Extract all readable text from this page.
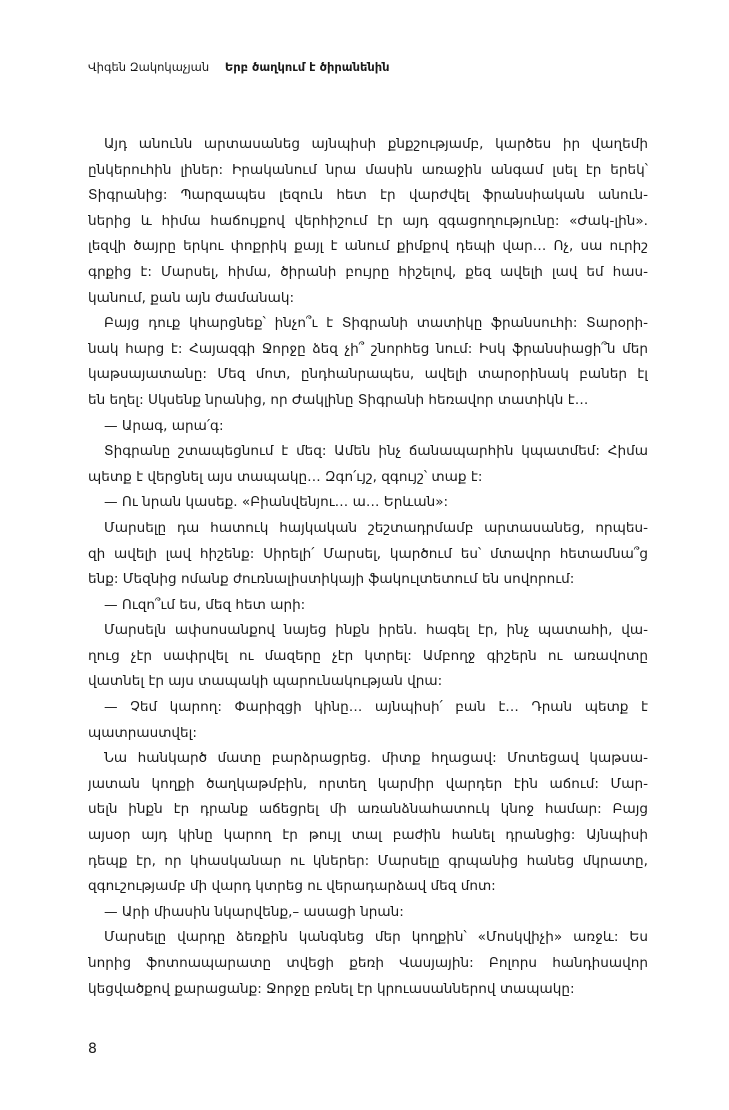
Վիգեն Զակոկաչյան Երբ ծաղկում է ծիրանենին
Այդ անունն արտասանեց այնպիսի քնքշությամբ, կարծես իր վաղեմի
ընկերուհին լիներ: Իրականում նրա մասին առաջին անգամ լսել էր երեկ՝
Տիգրանից: Պարզապես լեզուն հետ էր վարժվել ֆրանսիական անուն-
ներից և հիմա հաճույքով վերհիշում էր այդ զգացողությունը: «Ժակ-լին».
լեզվի ծայրը երկու փոքրիկ քայլ է անում քիմքով դեպի վար… Ոչ, սա ուրիշ
գրքից է: Մարսել, հիմա, ծիրանի բույրը հիշելով, քեզ ավելի լավ եմ հաս-
կանում, քան այն ժամանակ:
Բայց դուք կհարցնեք՝ ինչո՞ւ է Տիգրանի տատիկը ֆրանսուհի: Տարօրի-
նակ հարց է: Հայազգի Ջորջը ձեզ չի՞ շնորհեց նում: Իսկ ֆրանսիացի՞ն մեր
կաթսայատանը: Մեզ մոտ, ընդհանրապես, ավելի տարօրինակ բաներ էլ
են եղել: Սկսենք նրանից, որ Ժակլինը Տիգրանի հեռավոր տատիկն է…
— Արագ, արա՛գ:
Տիգրանը շտապեցնում է մեզ: Ամեն ինչ ճանապարհին կպատմեմ: Հիմա
պետք է վերցնել այս տապակը… Զգո՛ւյշ, զգույշ՝ տաք է:
— Ու նրան կասեք. «Բիանվենյու… ա… Երևան»:
Մարսելը դա հատուկ հայկական շեշտադրմամբ արտասանեց, որպես-
զի ավելի լավ հիշենք: Սիրելի՛ Մարսել, կարծում ես՝ մտավոր հետամնա՞ց
ենք: Մեզնից ոմանք ժուռնալիստիկայի ֆակուլտետում են սովորում:
— Ուզո՞ւմ ես, մեզ հետ արի:
Մարսելն ափսոսանքով նայեց ինքն իրեն. հագել էր, ինչ պատահի, վա-
ղուց չէր սափրվել ու մազերը չէր կտրել: Ամբողջ գիշերն ու առավոտը
վատնել էր այս տապակի պարունակության վրա:
— Չեմ կարող: Փարիզցի կինը… այնպիսի՛ բան է… Դրան պետք է
պատրաստվել:
Նա հանկարծ մատը բարձրացրեց. միտք հղացավ: Մոտեցավ կաթսա-
յատան կողքի ծաղկաթմբին, որտեղ կարմիր վարդեր էին աճում: Մար-
սելն ինքն էր դրանք աճեցրել մի առանձնահատուկ կնոջ համար: Բայց
այսօր այդ կինը կարող էր թույլ տալ բաժին հանել դրանցից: Այնպիսի
դեպք էր, որ կհասկանար ու կներեր: Մարսելը գրպանից հանեց մկրատը,
զգուշությամբ մի վարդ կտրեց ու վերադարձավ մեզ մոտ:
— Արի միասին նկարվենք,– ասացի նրան:
Մարսելը վարդը ձեռքին կանգնեց մեր կողքին՝ «Մոսկվիչի» առջև: Ես
նորից ֆոտոապարատը տվեցի քեռի Վասյային: Բոլորս հանդիսավոր
կեցվածքով քարացանք: Ջորջը բռնել էր կրուասաններով տապակը:
8
